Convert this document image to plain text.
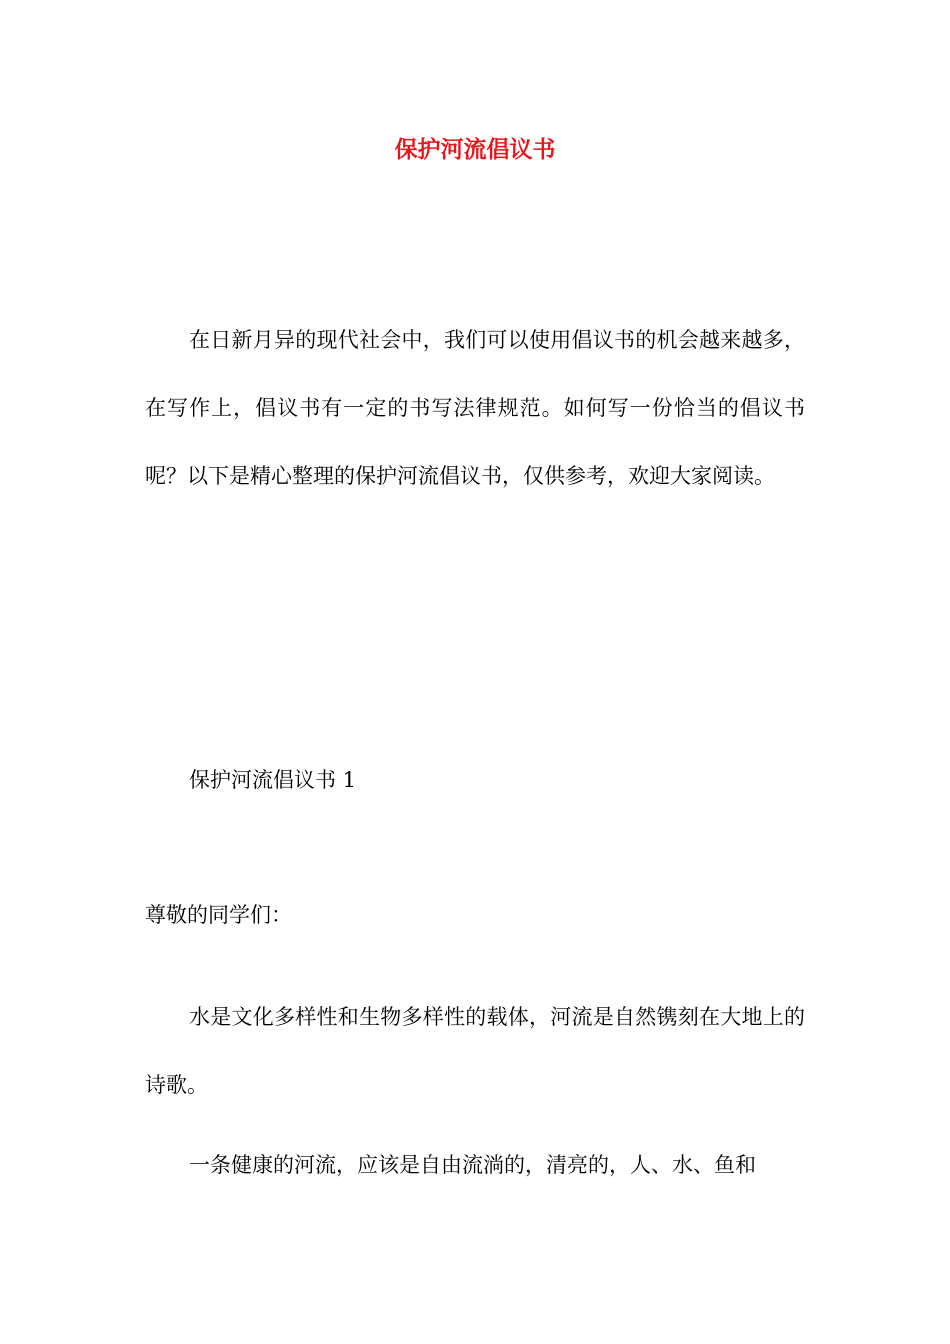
保护河流倡议书

在日新月异的现代社会中，我们可以使用倡议书的机会越来越多，在写作上，倡议书有一定的书写法律规范。如何写一份恰当的倡议书呢？以下是精心整理的保护河流倡议书，仅供参考，欢迎大家阅读。

保护河流倡议书 1

尊敬的同学们：

水是文化多样性和生物多样性的载体，河流是自然镌刻在大地上的诗歌。

一条健康的河流，应该是自由流淌的，清亮的，人、水、鱼和
